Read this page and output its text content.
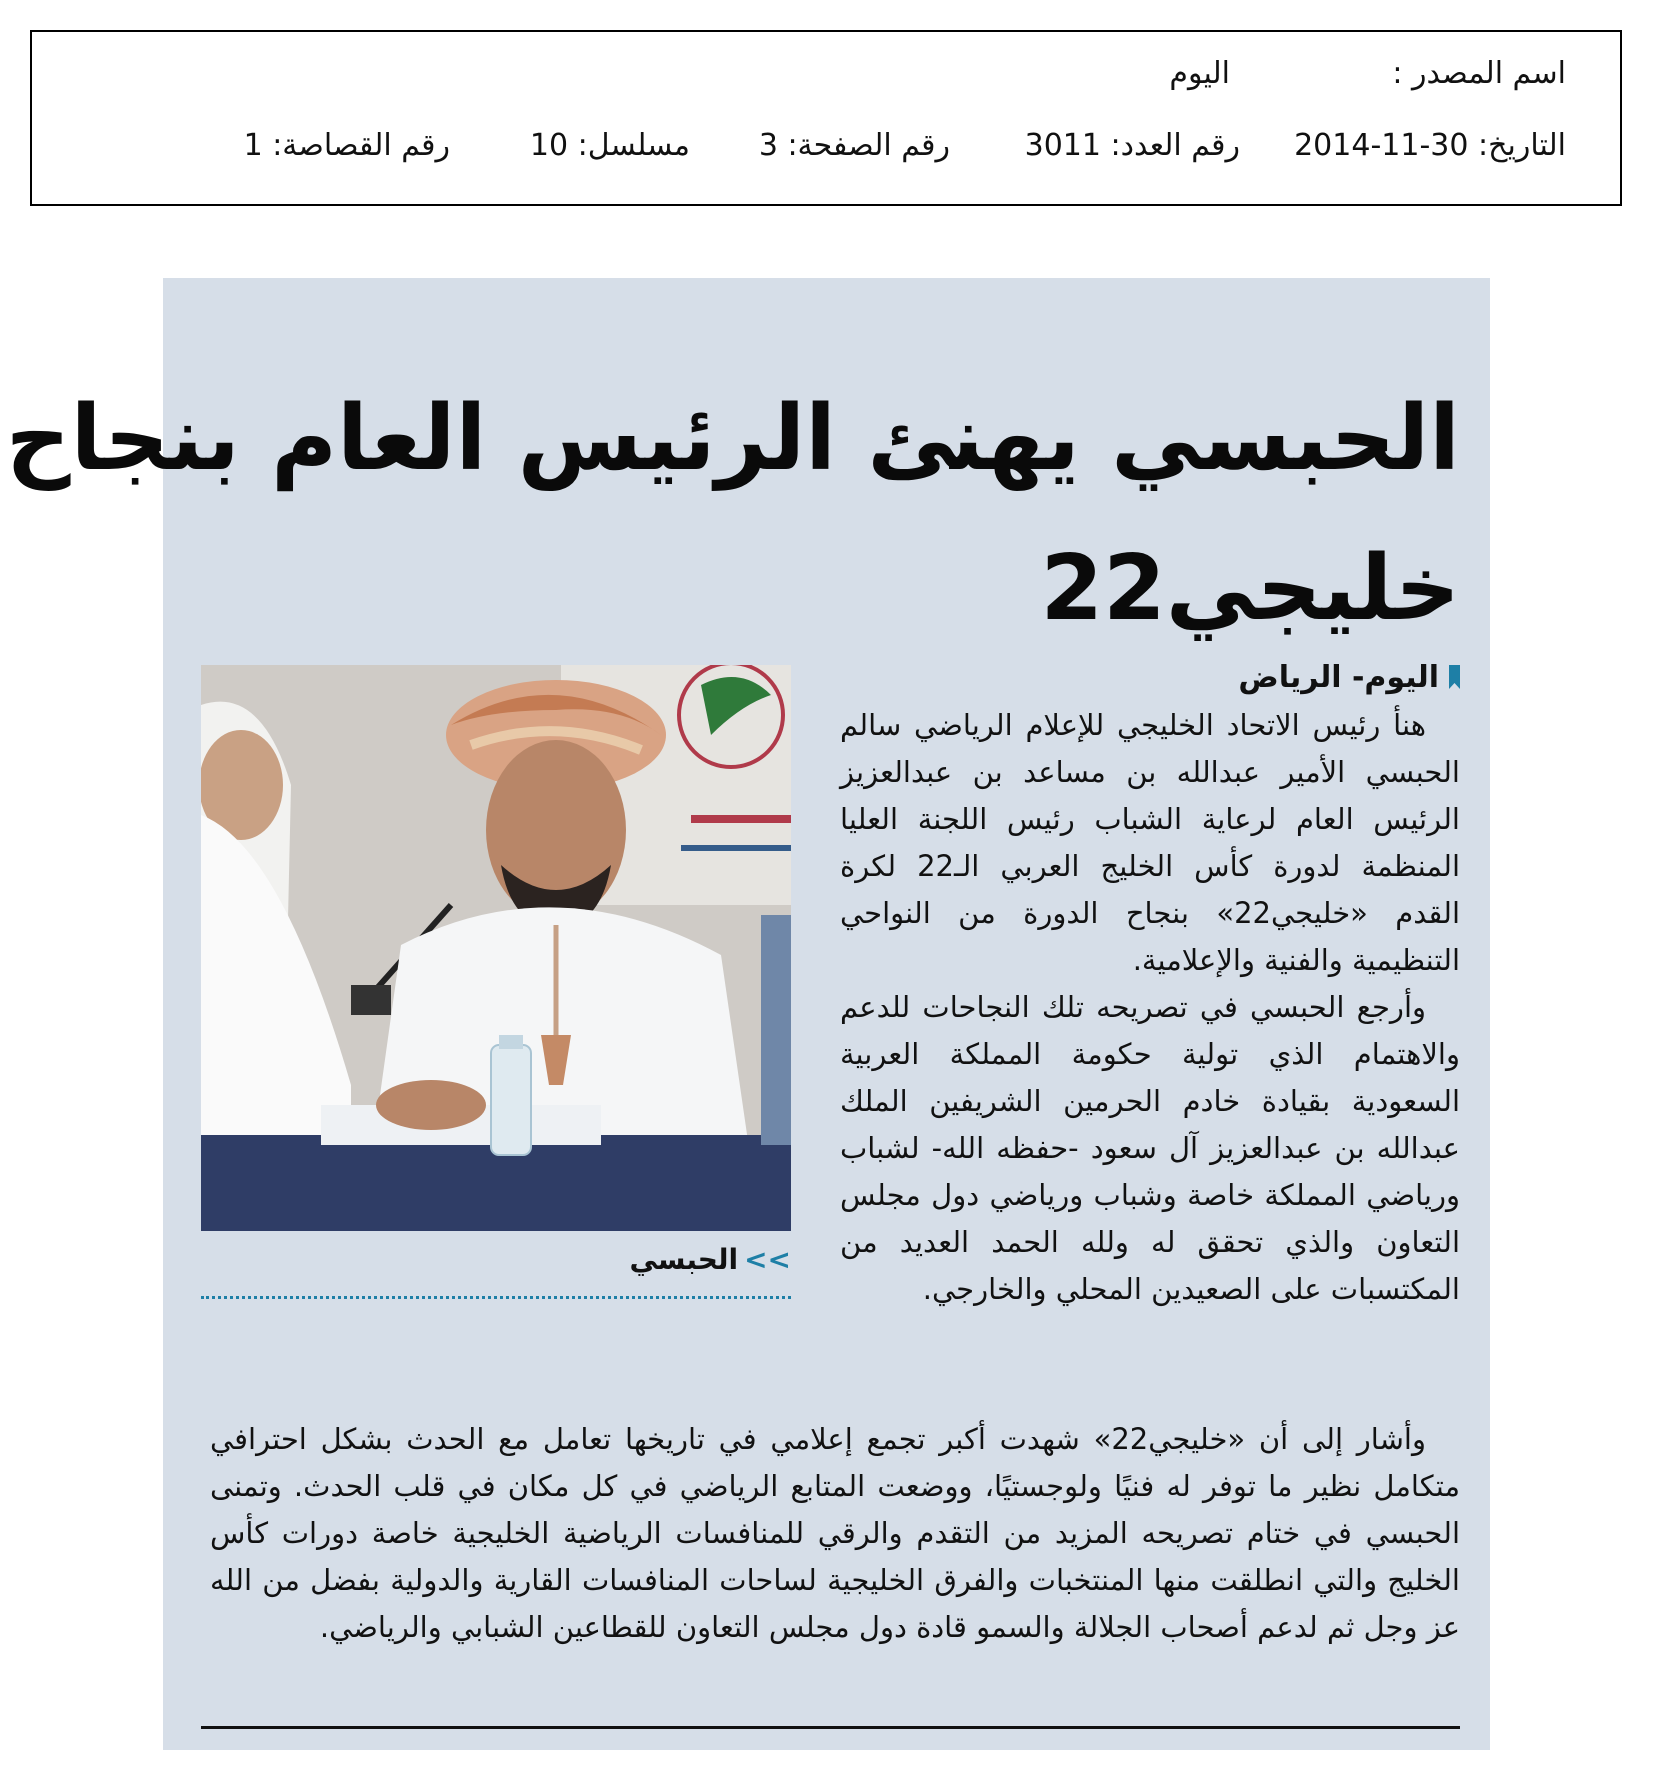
اسم المصدر :
اليوم
التاريخ: 30-11-2014
رقم العدد: 3011
رقم الصفحة: 3
مسلسل: 10
رقم القصاصة: 1
الحبسي يهنئ الرئيس العام بنجاح
خليجي22
اليوم- الرياض

هنأ رئيس الاتحاد الخليجي للإعلام الرياضي سالم الحبسي الأمير عبدالله بن مساعد بن عبدالعزيز الرئيس العام لرعاية الشباب رئيس اللجنة العليا المنظمة لدورة كأس الخليج العربي الـ22 لكرة القدم «خليجي22» بنجاح الدورة من النواحي التنظيمية والفنية والإعلامية.

وأرجع الحبسي في تصريحه تلك النجاحات للدعم والاهتمام الذي تولية حكومة المملكة العربية السعودية بقيادة خادم الحرمين الشريفين الملك عبدالله بن عبدالعزيز آل سعود -حفظه الله- لشباب ورياضي المملكة خاصة وشباب ورياضي دول مجلس التعاون والذي تحقق له ولله الحمد العديد من المكتسبات على الصعيدين المحلي والخارجي.

>>الحبسي

وأشار إلى أن «خليجي22» شهدت أكبر تجمع إعلامي في تاريخها تعامل مع الحدث بشكل احترافي متكامل نظير ما توفر له فنيًا ولوجستيًا، ووضعت المتابع الرياضي في كل مكان في قلب الحدث. وتمنى الحبسي في ختام تصريحه المزيد من التقدم والرقي للمنافسات الرياضية الخليجية خاصة دورات كأس الخليج والتي انطلقت منها المنتخبات والفرق الخليجية لساحات المنافسات القارية والدولية بفضل من الله عز وجل ثم لدعم أصحاب الجلالة والسمو قادة دول مجلس التعاون للقطاعين الشبابي والرياضي.
